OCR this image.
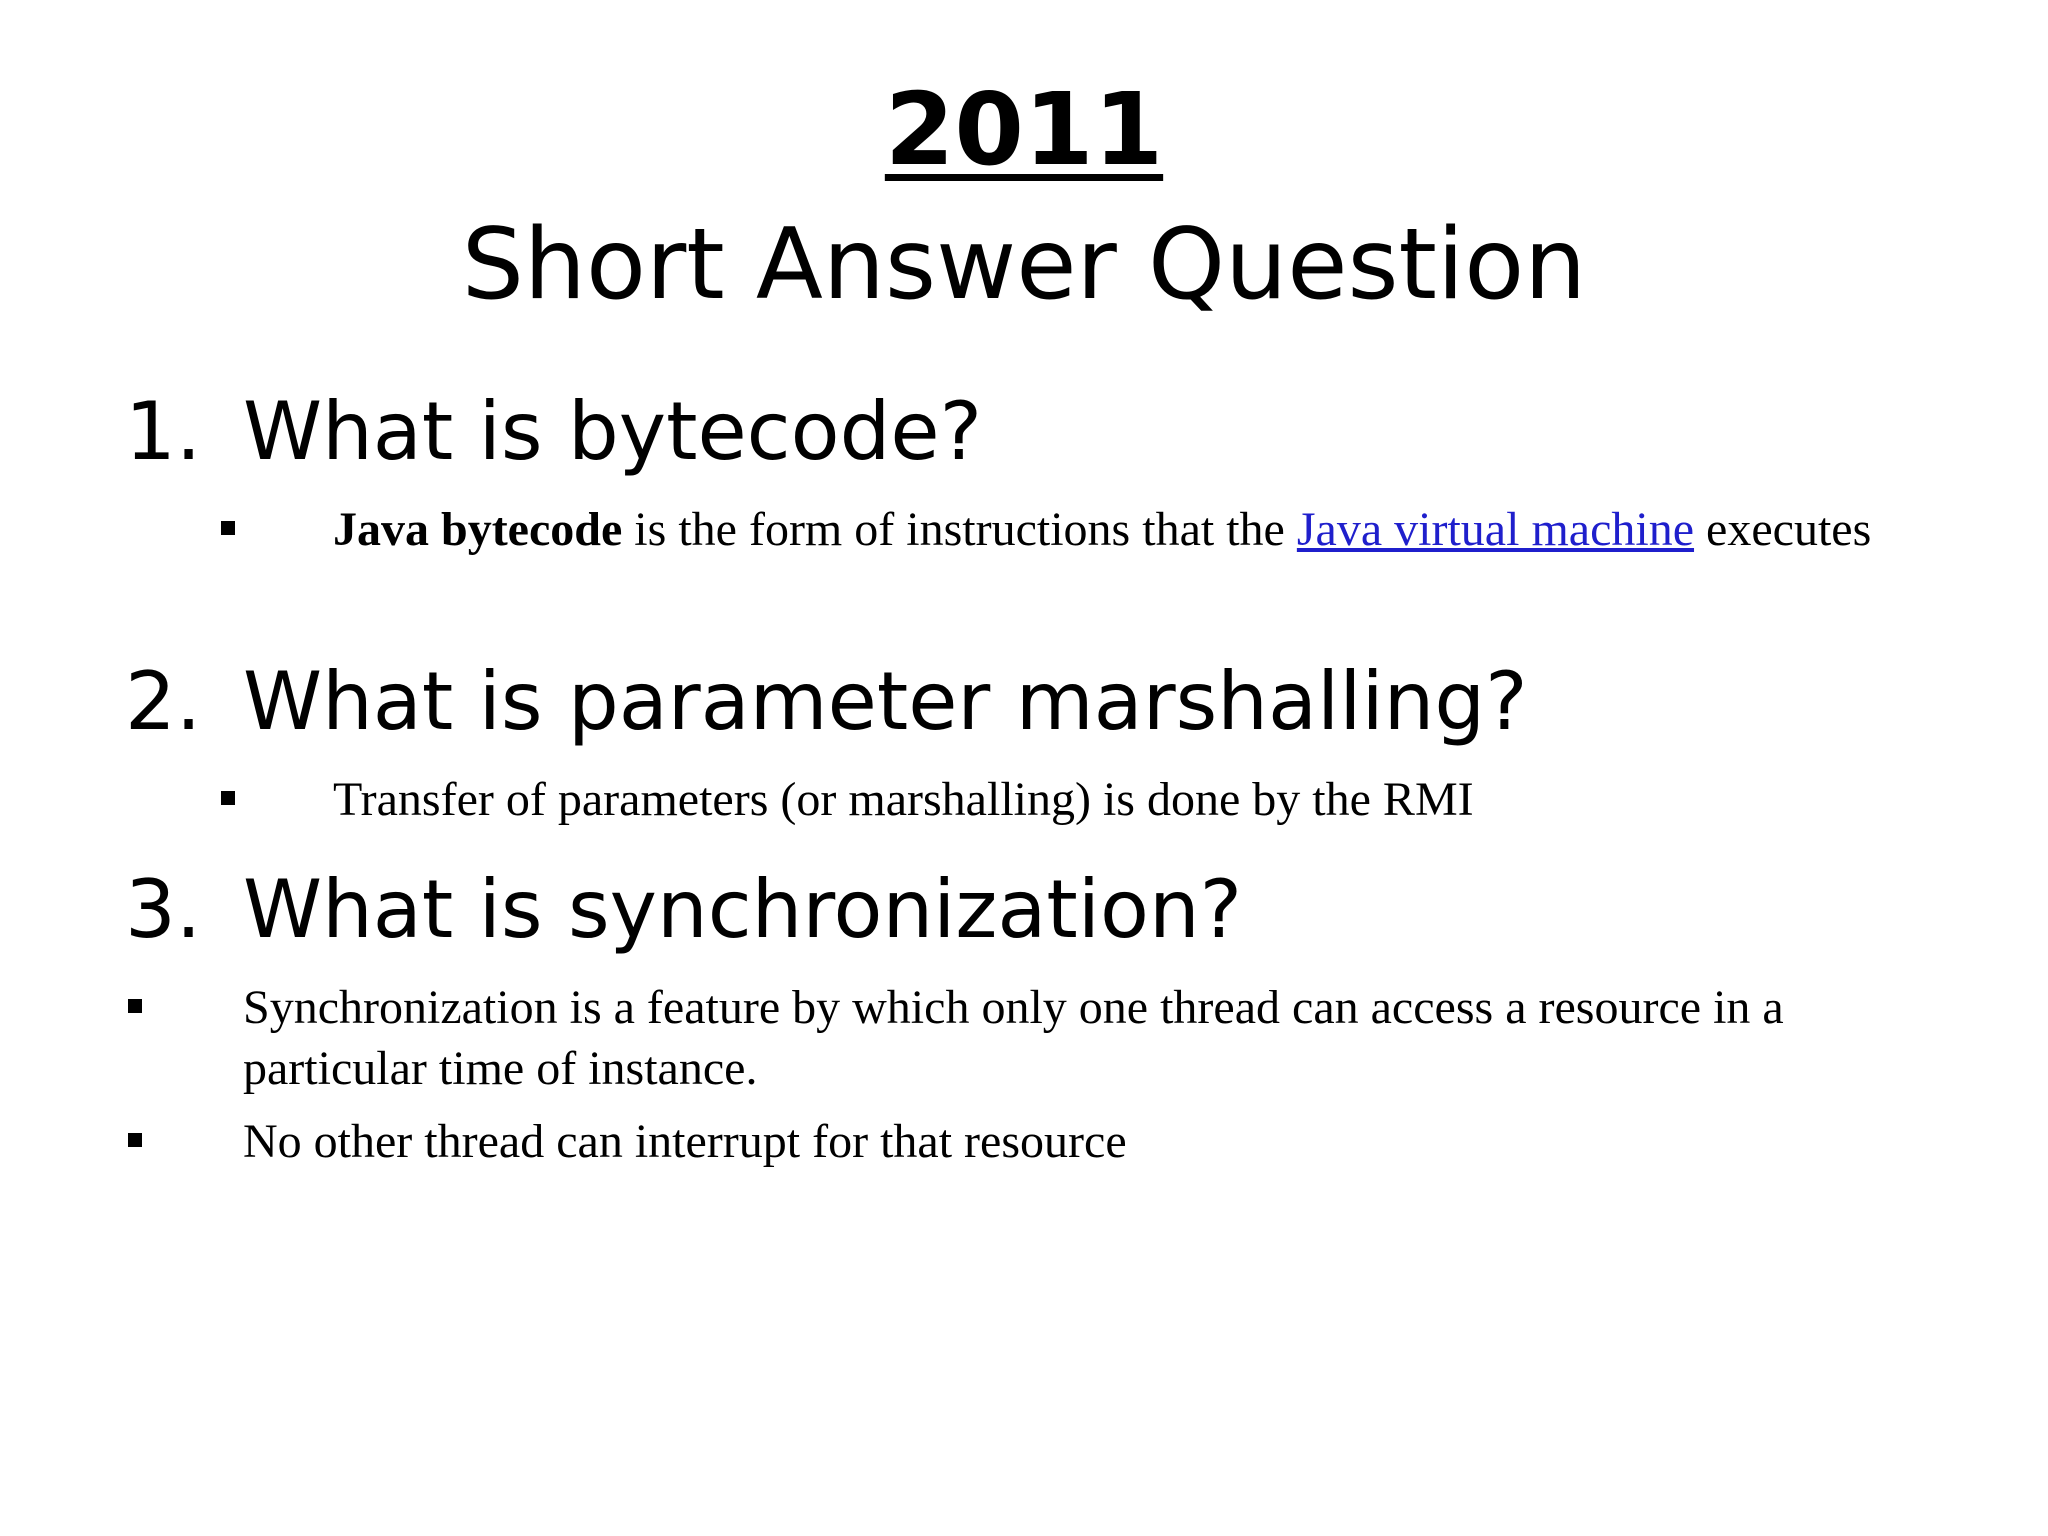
2011
Short Answer Question
1. What is bytecode?
Java bytecode is the form of instructions that the Java virtual machine executes
2. What is parameter marshalling?
Transfer of parameters (or marshalling) is done by the RMI
3. What is synchronization?
Synchronization is a feature by which only one thread can access a resource in a particular time of instance.
No other thread can interrupt for that resource
